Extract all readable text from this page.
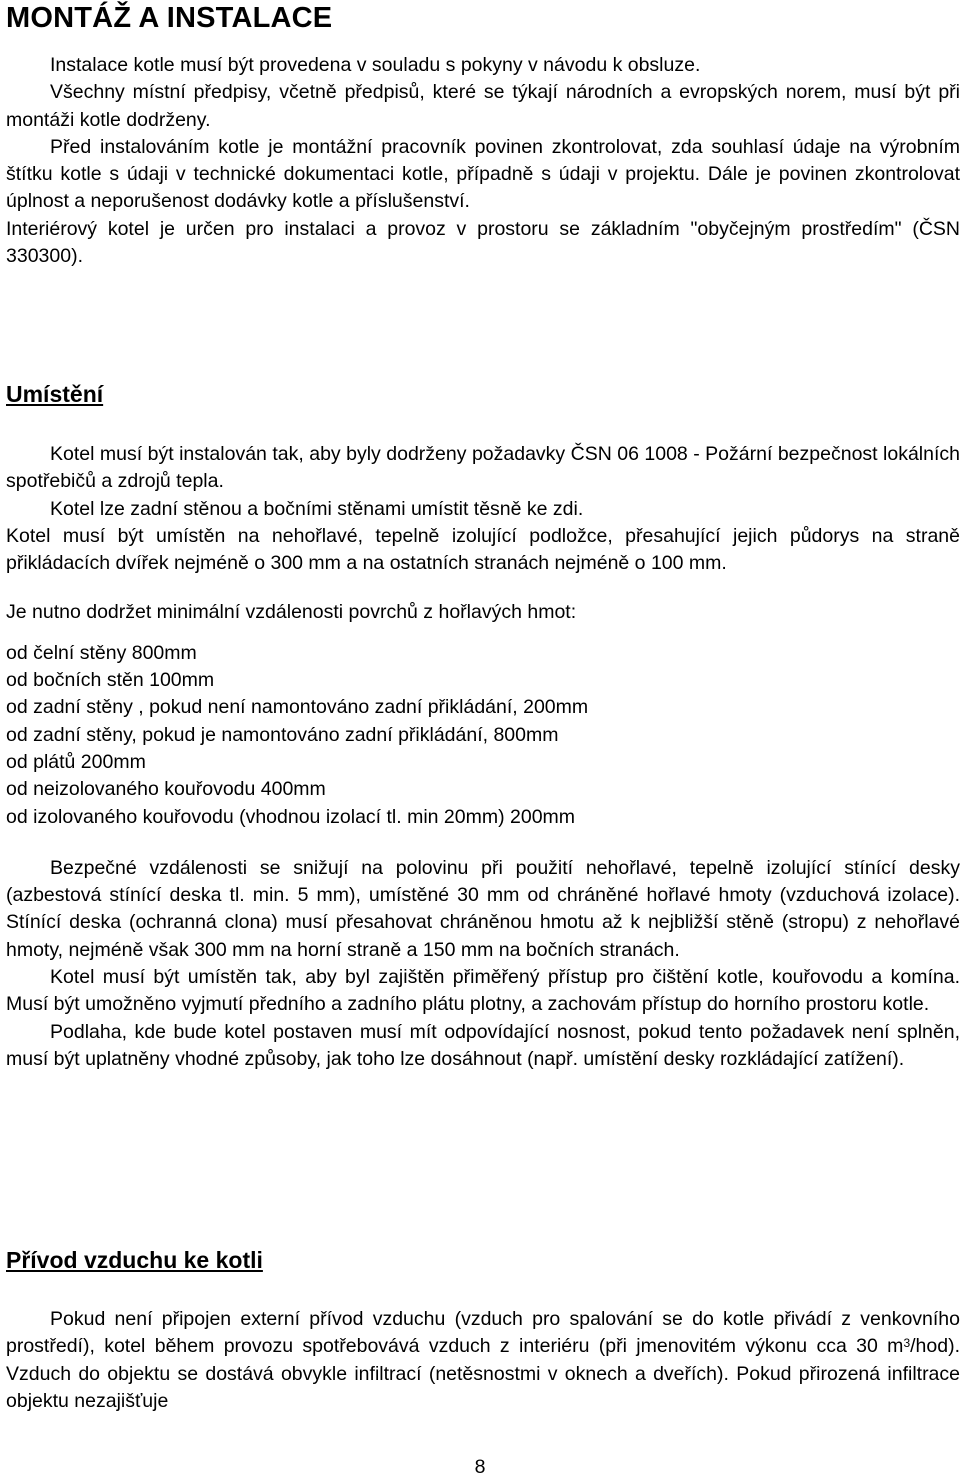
MONTÁŽ A INSTALACE

Instalace kotle musí být provedena v souladu s pokyny v návodu k obsluze.

Všechny místní předpisy, včetně předpisů, které se týkají národních a evropských norem, musí být při montáži kotle dodrženy.

Před instalováním kotle je montážní pracovník povinen zkontrolovat, zda souhlasí údaje na výrobním štítku kotle s údaji v technické dokumentaci kotle, případně s údaji v projektu. Dále je povinen zkontrolovat úplnost a neporušenost dodávky kotle a příslušenství.

Interiérový kotel je určen pro instalaci a provoz v prostoru se základním "obyčejným prostředím" (ČSN 330300).

Umístění

Kotel musí být instalován tak, aby byly dodrženy požadavky ČSN 06 1008 - Požární bezpečnost lokálních spotřebičů a zdrojů tepla.

Kotel lze zadní stěnou a bočními stěnami umístit těsně ke zdi.

Kotel musí být umístěn na nehořlavé, tepelně izolující podložce, přesahující jejich půdorys na straně přikládacích dvířek nejméně o 300 mm a na ostatních stranách nejméně o 100 mm.

Je nutno dodržet minimální vzdálenosti povrchů z hořlavých hmot:

od čelní stěny 800mm

od bočních stěn 100mm

od zadní stěny , pokud není namontováno zadní přikládání, 200mm

od zadní stěny, pokud je namontováno zadní přikládání, 800mm

od plátů 200mm

od neizolovaného kouřovodu 400mm

od izolovaného kouřovodu (vhodnou izolací tl. min 20mm) 200mm

Bezpečné vzdálenosti se snižují na polovinu při použití nehořlavé, tepelně izolující stínící desky (azbestová stínící deska tl. min. 5 mm), umístěné 30 mm od chráněné hořlavé hmoty (vzduchová izolace). Stínící deska (ochranná clona) musí přesahovat chráněnou hmotu až k nejbližší stěně (stropu) z nehořlavé hmoty, nejméně však 300 mm na horní straně a 150 mm na bočních stranách.

Kotel musí být umístěn tak, aby byl zajištěn přiměřený přístup pro čištění kotle, kouřovodu a komína. Musí být umožněno vyjmutí předního a zadního plátu plotny, a zachovám přístup do horního prostoru kotle.

Podlaha, kde bude kotel postaven musí mít odpovídající nosnost, pokud tento požadavek není splněn, musí být uplatněny vhodné způsoby, jak toho lze dosáhnout (např. umístění desky rozkládající zatížení).

Přívod vzduchu ke kotli

Pokud není připojen externí přívod vzduchu (vzduch pro spalování se do kotle přivádí z venkovního prostředí), kotel během provozu spotřebovává vzduch z interiéru (při jmenovitém výkonu cca 30 $m^3/hod$). Vzduch do objektu se dostává obvykle infiltrací (netěsnostmi v oknech a dveřích). Pokud přirozená infiltrace objektu nezajišťuje

8
